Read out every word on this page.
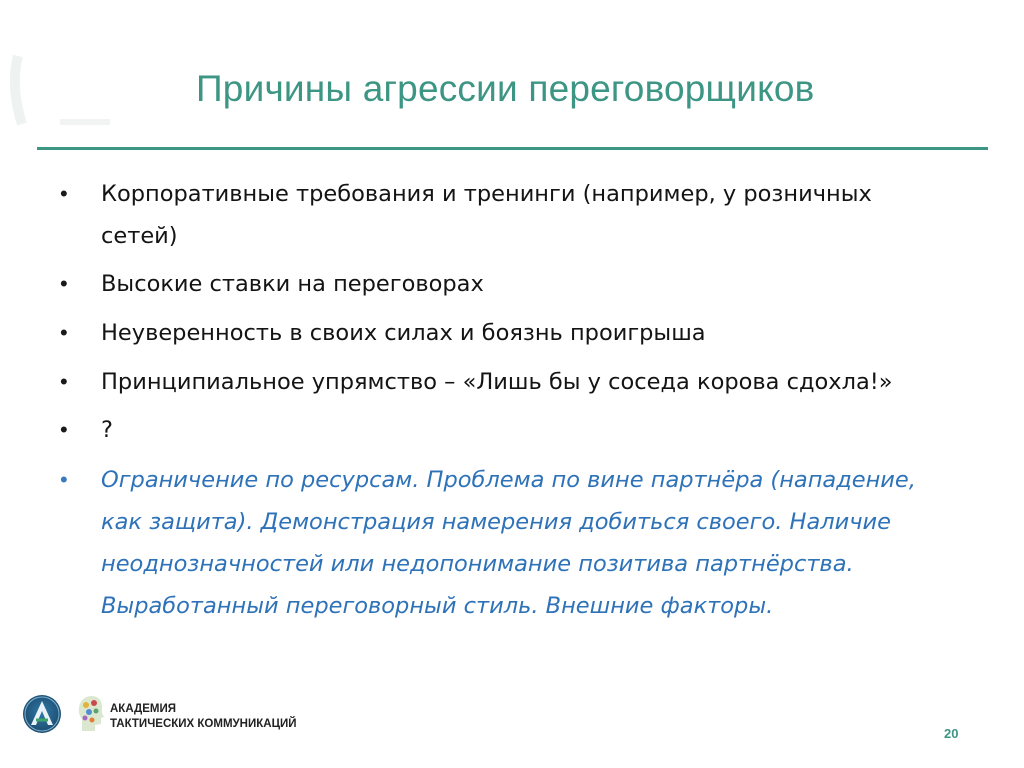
Причины агрессии переговорщиков
• Корпоративные требования и тренинги (например, у розничных сетей)
• Высокие ставки на переговорах
• Неуверенность в своих силах и боязнь проигрыша
• Принципиальное упрямство – «Лишь бы у соседа корова сдохла!»
• ?
• Ограничение по ресурсам. Проблема по вине партнёра (нападение, как защита). Демонстрация намерения добиться своего. Наличие неоднозначностей или недопонимание позитива партнёрства. Выработанный переговорный стиль. Внешние факторы.
АКАДЕМИЯ
ТАКТИЧЕСКИХ КОММУНИКАЦИЙ
20
